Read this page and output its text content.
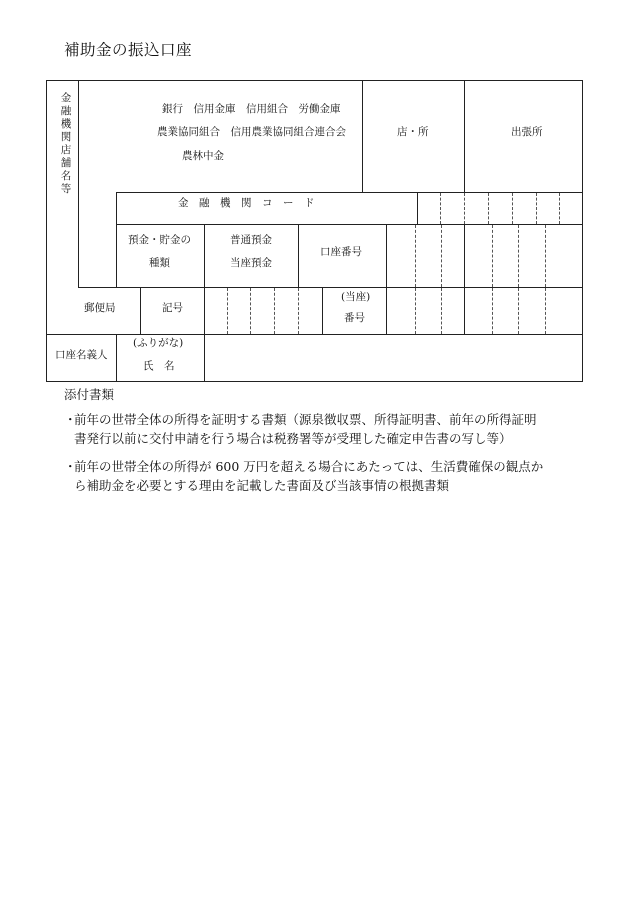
補助金の振込口座
金融機関店舗名等
銀行　信用金庫　信用組合　労働金庫
農業協同組合　信用農業協同組合連合会
農林中金
店・所	出張所
金　融　機　関　コ　ー　ド
預金・貯金の
種類
普通預金
当座預金
口座番号
郵便局	記号
(当座)
番号
口座名義人
(ふりがな)
氏　名
添付書類
・
前年の世帯全体の所得を証明する書類（源泉徴収票、所得証明書、前年の所得証明
書発行以前に交付申請を行う場合は税務署等が受理した確定申告書の写し等）
・
前年の世帯全体の所得が 600 万円を超える場合にあたっては、生活費確保の観点か
ら補助金を必要とする理由を記載した書面及び当該事情の根拠書類
